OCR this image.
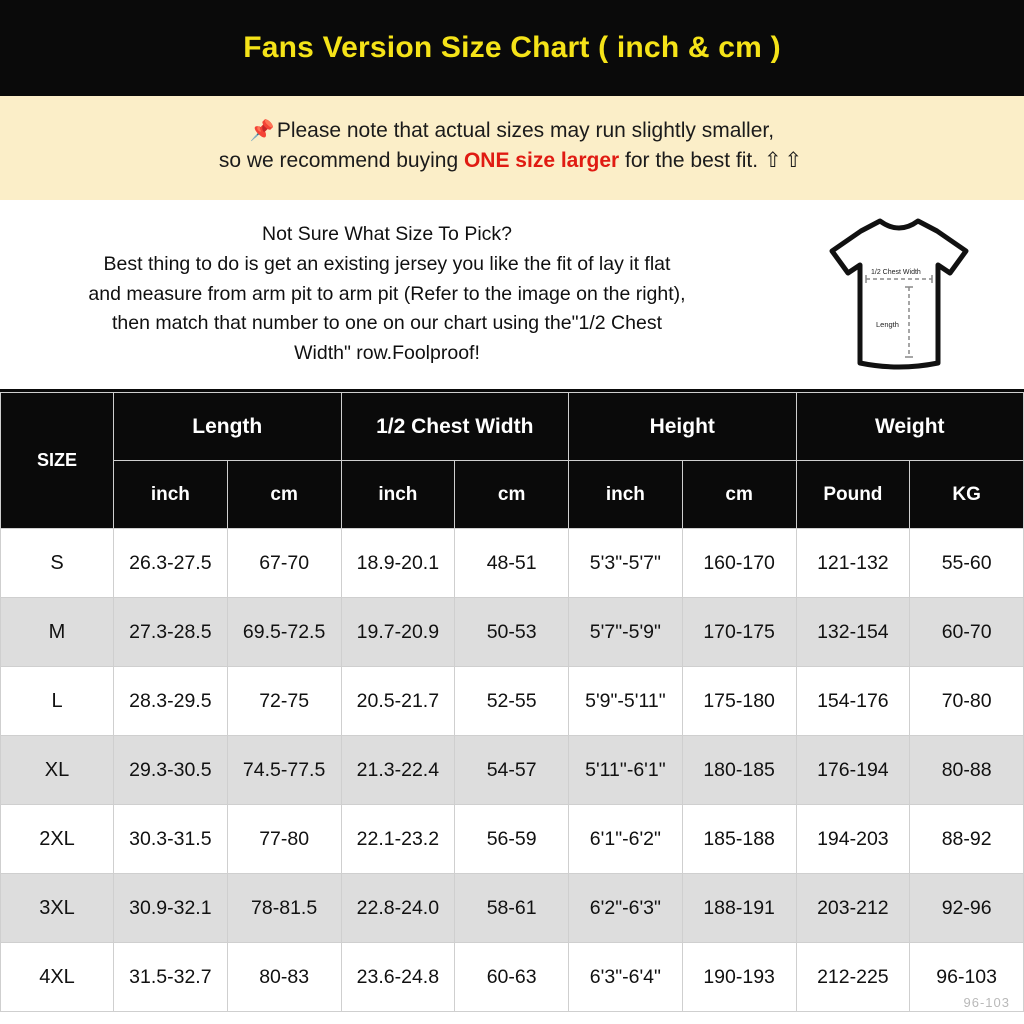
Fans Version Size Chart ( inch & cm )
📌Please note that actual sizes may run slightly smaller,
so we recommend buying ONE size larger for the best fit. ⇧⇧
Not Sure What Size To Pick?
Best thing to do is get an existing jersey you like the fit of lay it flat
and measure from arm pit to arm pit (Refer to the image on the right),
then match that number to one on our chart using the"1/2 Chest
Width" row.Foolproof!
1/2 Chest Width
Length
SIZE	Length		1/2 Chest Width		Height		Weight	
	inch	cm	inch	cm	inch	cm	Pound	KG
S	26.3-27.5	67-70	18.9-20.1	48-51	5'3"-5'7"	160-170	121-132	55-60
M	27.3-28.5	69.5-72.5	19.7-20.9	50-53	5'7"-5'9"	170-175	132-154	60-70
L	28.3-29.5	72-75	20.5-21.7	52-55	5'9"-5'11"	175-180	154-176	70-80
XL	29.3-30.5	74.5-77.5	21.3-22.4	54-57	5'11"-6'1"	180-185	176-194	80-88
2XL	30.3-31.5	77-80	22.1-23.2	56-59	6'1"-6'2"	185-188	194-203	88-92
3XL	30.9-32.1	78-81.5	22.8-24.0	58-61	6'2"-6'3"	188-191	203-212	92-96
4XL	31.5-32.7	80-83	23.6-24.8	60-63	6'3"-6'4"	190-193	212-225	96-103
96-103
